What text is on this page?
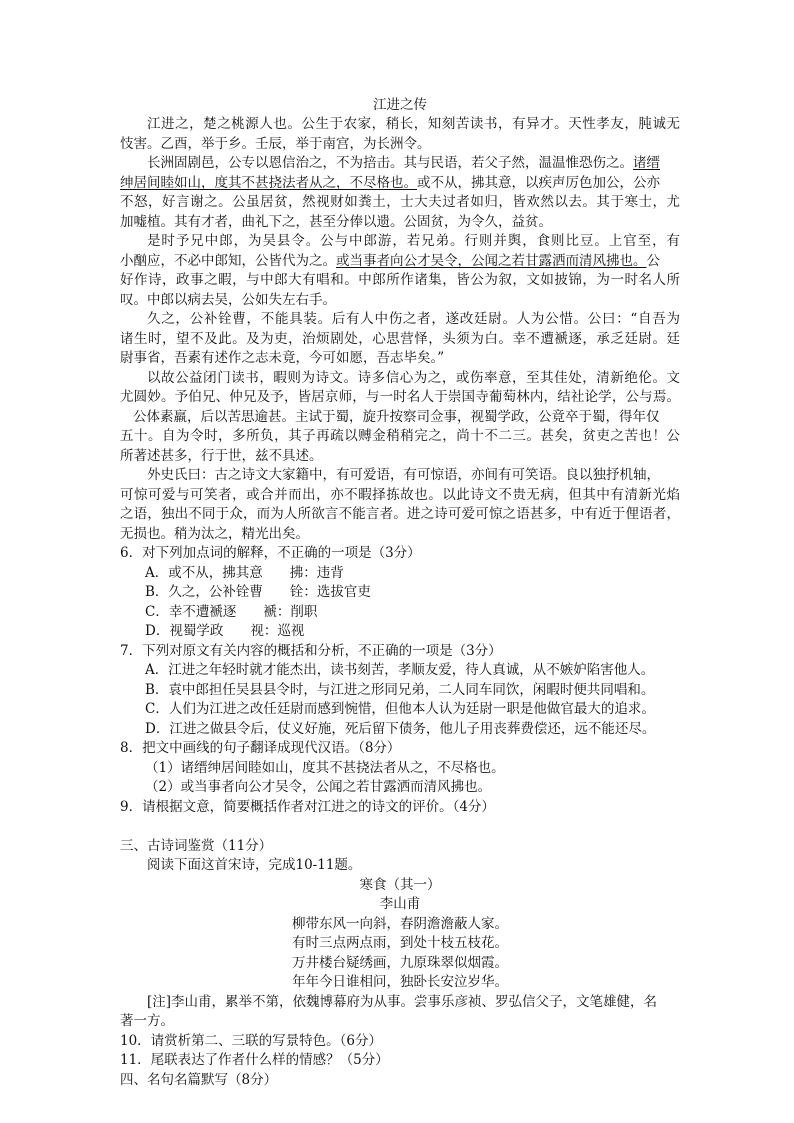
江进之传
江进之，楚之桃源人也。公生于农家，稍长，知刻苦读书，有异才。天性孝友，肫诚无
忮害。乙酉，举于乡。壬辰，举于南宫，为长洲令。
长洲固剧邑，公专以恩信治之，不为掊击。其与民语，若父子然，温温惟恐伤之。诸缙
绅居间睦如山，度其不甚挠法者从之，不尽格也。或不从，拂其意，以疾声厉色加公，公亦
不怒，好言谢之。公虽居贫，然视财如粪土，士大夫过者如归，皆欢然以去。其于寒士，尤
加嘘植。其有才者，曲礼下之，甚至分俸以遗。公固贫，为令久，益贫。
是时予兄中郎，为吴县令。公与中郎游，若兄弟。行则并舆，食则比豆。上官至，有
小酗应，不必中郎知，公皆代为之。或当事者向公才吴令，公闻之若甘露洒而清风拂也。公
好作诗，政事之暇，与中郎大有唱和。中郎所作诸集，皆公为叙，文如披锦，为一时名人所
叹。中郎以病去吴，公如失左右手。
久之，公补铨曹，不能具装。后有人中伤之者，遂改廷尉。人为公惜。公曰：“自吾为
诸生时，望不及此。及为吏，治烦剧处，心思营怿，头须为白。幸不遭褫逐，承乏廷尉。廷
尉事省，吾素有述作之志未竟，今可如愿，吾志毕矣。”
以故公益闭门读书，暇则为诗文。诗多信心为之，或伤率意，至其佳处，清新绝伦。文
尤圆妙。予伯兄、仲兄及予，皆居京师，与一时名人于崇国寺葡萄林内，结社论学，公与焉。
公体素羸，后以苦思逾甚。主试于蜀，旋升按察司佥事，视蜀学政，公竟卒于蜀，得年仅
五十。自为令时，多所负，其子再疏以赙金稍稍完之，尚十不二三。甚矣，贫吏之苦也！公
所著述甚多，行于世，兹不具述。
外史氏曰：古之诗文大家籍中，有可爱语，有可惊语，亦间有可笑语。良以独抒机轴，
可惊可爱与可笑者，或合并而出，亦不暇择拣故也。以此诗文不贵无病，但其中有清新光焰
之语，独出不同于众，而为人所欲言不能言者。进之诗可爱可惊之语甚多，中有近于俚语者，
无损也。稍为汰之，精光出矣。
6．对下列加点词的解释，不正确的一项是（3分）
A．或不从，拂其意　　拂：违背
B．久之，公补铨曹　　铨：选拔官吏
C．幸不遭褫逐　　褫：削职
D．视蜀学政　　视：巡视
7．下列对原文有关内容的概括和分析，不正确的一项是（3分）
A．江进之年轻时就才能杰出，读书刻苦，孝顺友爱，待人真诚，从不嫉妒陷害他人。
B．袁中郎担任吴县县令时，与江进之形同兄弟，二人同车同饮，闲暇时便共同唱和。
C．人们为江进之改任廷尉而感到惋惜，但他本人认为廷尉一职是他做官最大的追求。
D．江进之做县令后，仗义好施，死后留下债务，他儿子用丧葬费偿还，远不能还尽。
8．把文中画线的句子翻译成现代汉语。（8分）
（1）诸缙绅居间睦如山，度其不甚挠法者从之，不尽格也。
（2）或当事者向公才吴令，公闻之若甘露洒而清风拂也。
9．请根据文意，简要概括作者对江进之的诗文的评价。（4分）
三、古诗词鉴赏（11分）
阅读下面这首宋诗，完成10-11题。
寒食（其一）
李山甫
柳带东风一向斜，春阴澹澹蔽人家。
有时三点两点雨，到处十枝五枝花。
万井楼台疑绣画，九原珠翠似烟霞。
年年今日谁相问，独卧长安泣岁华。
[注]李山甫，累举不第，依魏博幕府为从事。尝事乐彦祯、罗弘信父子，文笔雄健，名
著一方。
10．请赏析第二、三联的写景特色。（6分）
11．尾联表达了作者什么样的情感？（5分）
四、名句名篇默写（8分）
